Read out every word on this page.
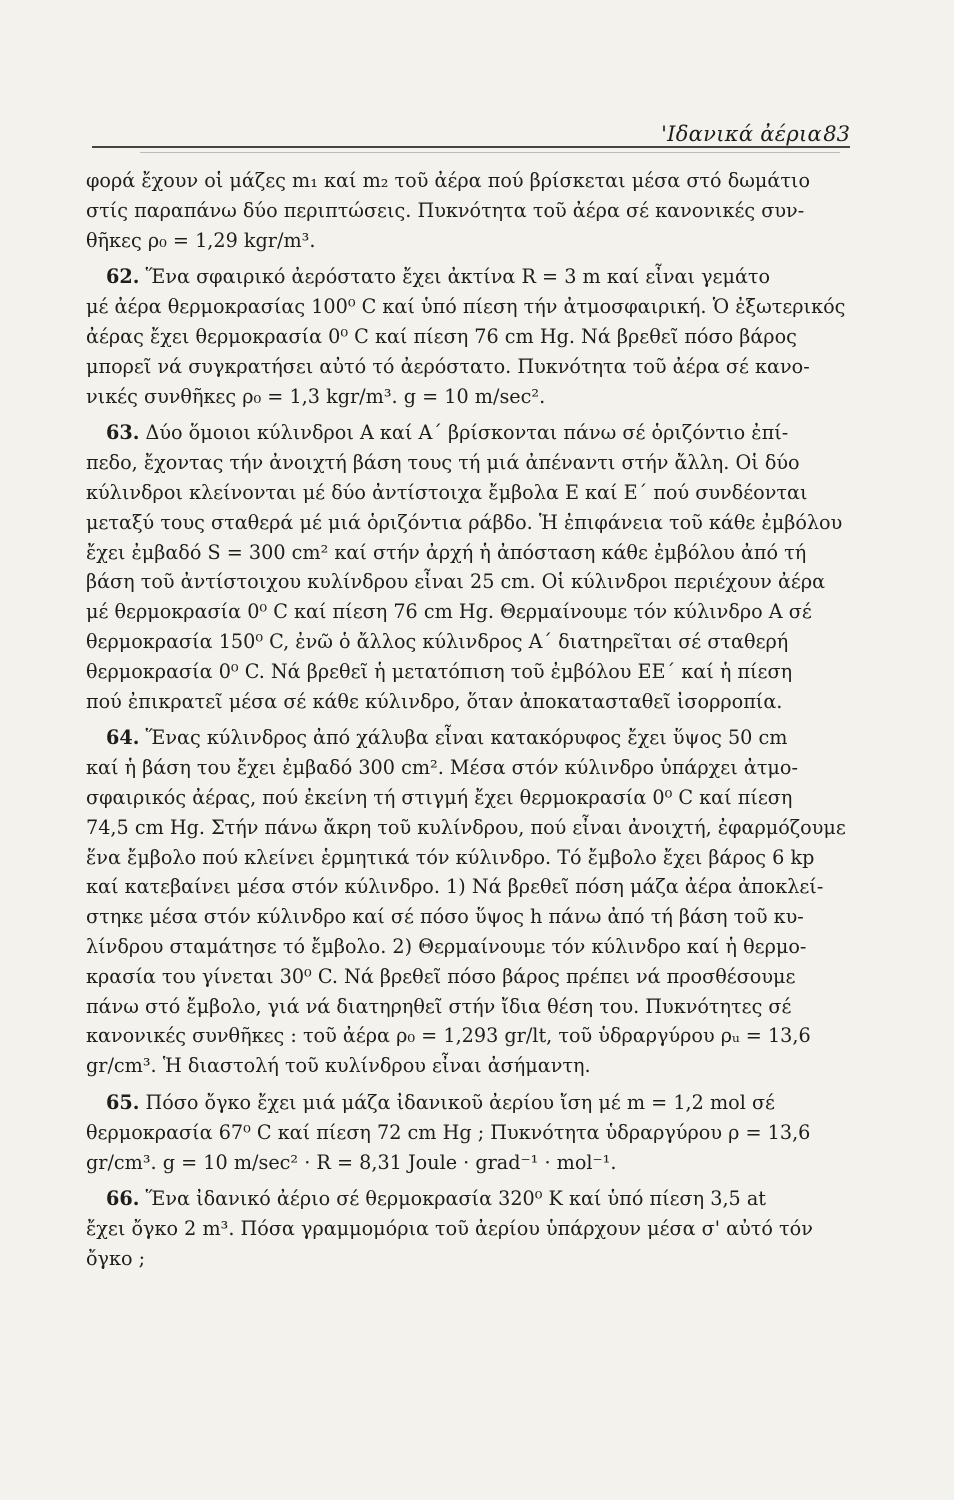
'Ιδανικά ἀέρια 83
φορά ἔχουν οἱ μάζες m₁ καί m₂ τοῦ ἀέρα πού βρίσκεται μέσα στό δωμάτιο
στίς παραπάνω δύο περιπτώσεις. Πυκνότητα τοῦ ἀέρα σέ κανονικές συν-
θῆκες ρ₀ = 1,29 kgr/m³.
62. Ἕνα σφαιρικό ἀερόστατο ἔχει ἀκτίνα R = 3 m καί εἶναι γεμάτο
μέ ἀέρα θερμοκρασίας 100⁰ C καί ὑπό πίεση τήν ἀτμοσφαιρική. Ὁ ἐξωτερικός
ἀέρας ἔχει θερμοκρασία 0⁰ C καί πίεση 76 cm Hg. Νά βρεθεῖ πόσο βάρος
μπορεῖ νά συγκρατήσει αὐτό τό ἀερόστατο. Πυκνότητα τοῦ ἀέρα σέ κανο-
νικές συνθῆκες ρ₀ = 1,3 kgr/m³. g = 10 m/sec².
63. Δύο ὅμοιοι κύλινδροι Α καί Α΄ βρίσκονται πάνω σέ ὁριζόντιο ἐπί-
πεδο, ἔχοντας τήν ἀνοιχτή βάση τους τή μιά ἀπέναντι στήν ἄλλη. Οἱ δύο
κύλινδροι κλείνονται μέ δύο ἀντίστοιχα ἔμβολα Ε καί Ε΄ πού συνδέονται
μεταξύ τους σταθερά μέ μιά ὁριζόντια ράβδο. Ἡ ἐπιφάνεια τοῦ κάθε ἐμβόλου
ἔχει ἐμβαδό S = 300 cm² καί στήν ἀρχή ἡ ἀπόσταση κάθε ἐμβόλου ἀπό τή
βάση τοῦ ἀντίστοιχου κυλίνδρου εἶναι 25 cm. Οἱ κύλινδροι περιέχουν ἀέρα
μέ θερμοκρασία 0⁰ C καί πίεση 76 cm Hg. Θερμαίνουμε τόν κύλινδρο Α σέ
θερμοκρασία 150⁰ C, ἐνῶ ὁ ἄλλος κύλινδρος Α΄ διατηρεῖται σέ σταθερή
θερμοκρασία 0⁰ C. Νά βρεθεῖ ἡ μετατόπιση τοῦ ἐμβόλου ΕΕ΄ καί ἡ πίεση
πού ἐπικρατεῖ μέσα σέ κάθε κύλινδρο, ὅταν ἀποκατασταθεῖ ἰσορροπία.
64. Ἕνας κύλινδρος ἀπό χάλυβα εἶναι κατακόρυφος ἔχει ὕψος 50 cm
καί ἡ βάση του ἔχει ἐμβαδό 300 cm². Μέσα στόν κύλινδρο ὑπάρχει ἀτμο-
σφαιρικός ἀέρας, πού ἐκείνη τή στιγμή ἔχει θερμοκρασία 0⁰ C καί πίεση
74,5 cm Hg. Στήν πάνω ἄκρη τοῦ κυλίνδρου, πού εἶναι ἀνοιχτή, ἐφαρμόζουμε
ἕνα ἔμβολο πού κλείνει ἑρμητικά τόν κύλινδρο. Τό ἔμβολο ἔχει βάρος 6 kp
καί κατεβαίνει μέσα στόν κύλινδρο. 1) Νά βρεθεῖ πόση μάζα ἀέρα ἀποκλεί-
στηκε μέσα στόν κύλινδρο καί σέ πόσο ὕψος h πάνω ἀπό τή βάση τοῦ κυ-
λίνδρου σταμάτησε τό ἔμβολο. 2) Θερμαίνουμε τόν κύλινδρο καί ἡ θερμο-
κρασία του γίνεται 30⁰ C. Νά βρεθεῖ πόσο βάρος πρέπει νά προσθέσουμε
πάνω στό ἔμβολο, γιά νά διατηρηθεῖ στήν ἴδια θέση του. Πυκνότητες σέ
κανονικές συνθῆκες : τοῦ ἀέρα ρ₀ = 1,293 gr/lt, τοῦ ὑδραργύρου ρᵤ = 13,6
gr/cm³. Ἡ διαστολή τοῦ κυλίνδρου εἶναι ἀσήμαντη.
65. Πόσο ὄγκο ἔχει μιά μάζα ἰδανικοῦ ἀερίου ἴση μέ m = 1,2 mol σέ
θερμοκρασία 67⁰ C καί πίεση 72 cm Hg ; Πυκνότητα ὑδραργύρου ρ = 13,6
gr/cm³. g = 10 m/sec² · R = 8,31 Joule · grad⁻¹ · mol⁻¹.
66. Ἕνα ἰδανικό ἀέριο σέ θερμοκρασία 320⁰ K καί ὑπό πίεση 3,5 at
ἔχει ὄγκο 2 m³. Πόσα γραμμομόρια τοῦ ἀερίου ὑπάρχουν μέσα σ' αὐτό τόν
ὄγκο ;
